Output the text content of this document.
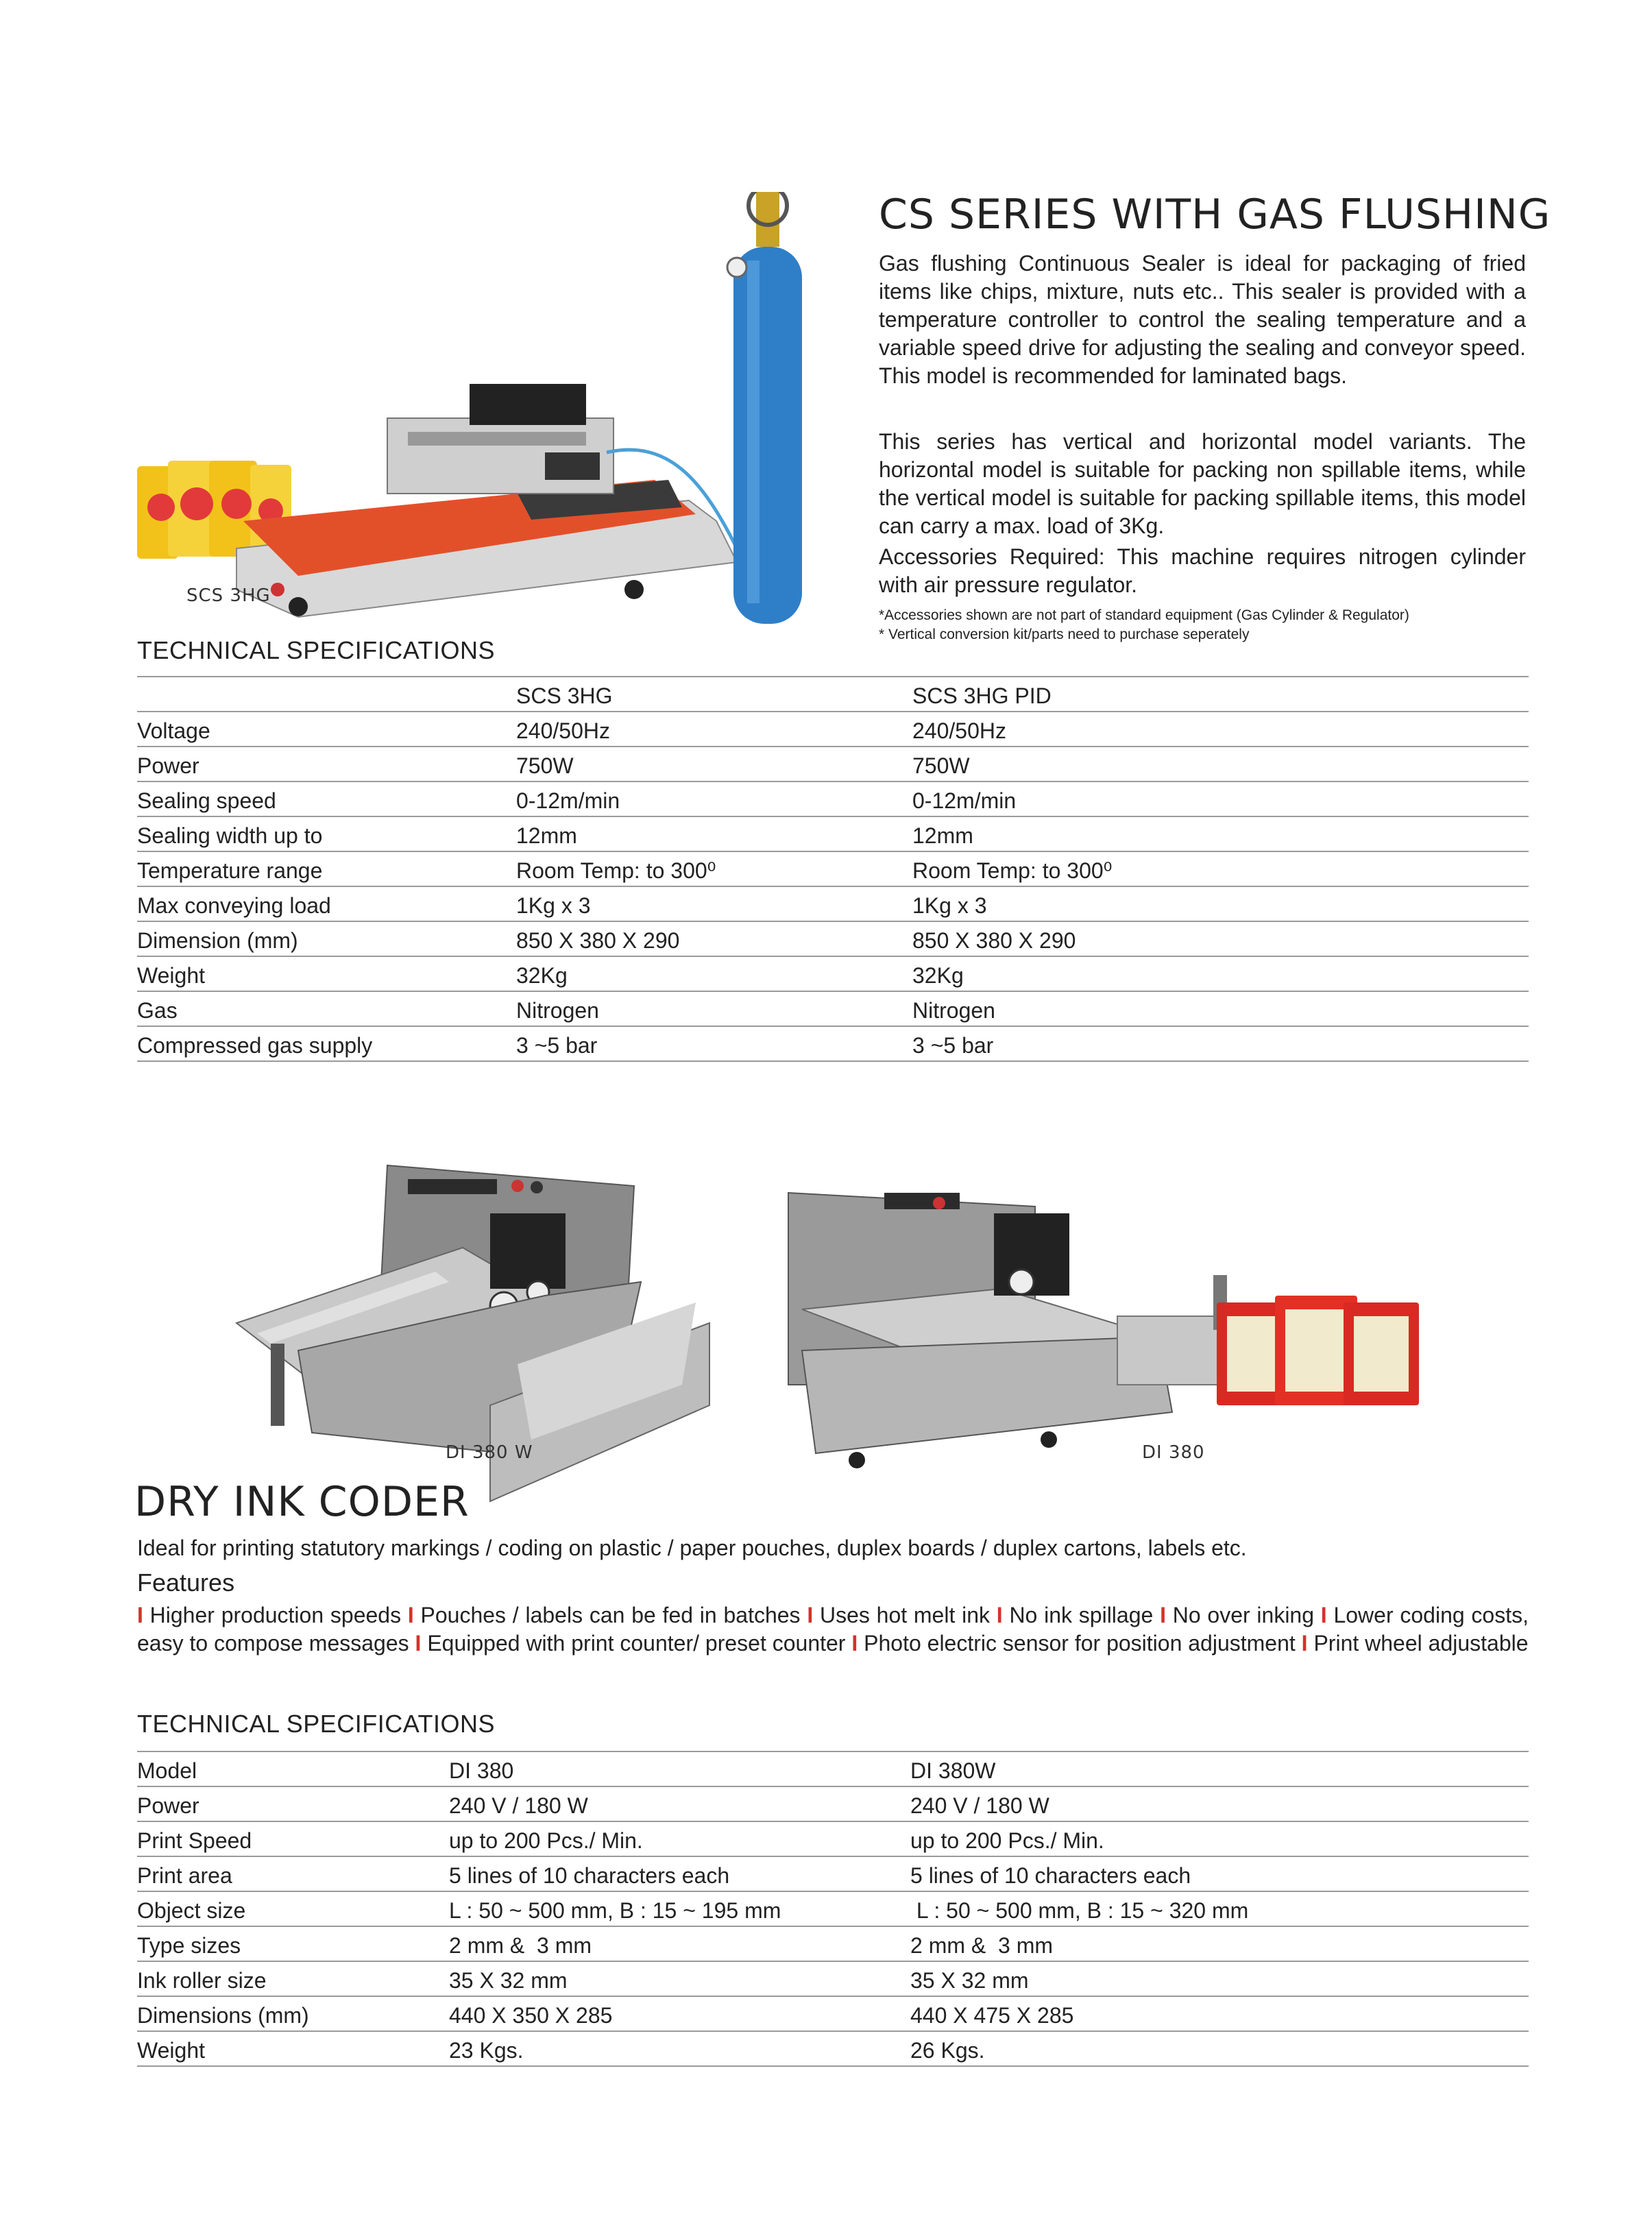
SCS 3HG
CS SERIES WITH GAS FLUSHING
Gas flushing Continuous Sealer is ideal for packaging of fried items like chips, mixture, nuts etc.. This sealer is provided with a temperature controller to control the sealing temperature and a variable speed drive for adjusting the sealing and conveyor speed. This model is recommended for laminated bags.
This series has vertical and horizontal model variants. The horizontal model is suitable for packing non spillable items, while the vertical model is suitable for packing spillable items, this model can carry a max. load of 3Kg.
Accessories Required: This machine requires nitrogen cylinder with air pressure regulator.
*Accessories shown are not part of standard equipment (Gas Cylinder & Regulator)
* Vertical conversion kit/parts need to purchase seperately
TECHNICAL SPECIFICATIONS
	SCS 3HG	SCS 3HG PID
Voltage	240/50Hz	240/50Hz
Power	750W	750W
Sealing speed	0-12m/min	0-12m/min
Sealing width up to	12mm	12mm
Temperature range	Room Temp: to 300⁰	Room Temp: to 300⁰
Max conveying load	1Kg x 3	1Kg x 3
Dimension (mm)	850 X 380 X 290	850 X 380 X 290
Weight	32Kg	32Kg
Gas	Nitrogen	Nitrogen
Compressed gas supply	3 ~5 bar	3 ~5 bar
DI 380 W	DI 380
DRY INK CODER
Ideal for printing statutory markings / coding on plastic / paper pouches, duplex boards / duplex cartons, labels etc.
Features
I Higher production speeds I Pouches / labels can be fed in batches I Uses hot melt ink I No ink spillage I No over inking I Lower coding costs, easy to compose messages I Equipped with print counter/ preset counter I Photo electric sensor for position adjustment I Print wheel adjustable
TECHNICAL SPECIFICATIONS
Model	DI 380	DI 380W
Power	240 V / 180 W	240 V / 180 W
Print Speed	up to 200 Pcs./ Min.	up to 200 Pcs./ Min.
Print area	5 lines of 10 characters each	5 lines of 10 characters each
Object size	L : 50 ~ 500 mm, B : 15 ~ 195 mm	L : 50 ~ 500 mm, B : 15 ~ 320 mm
Type sizes	2 mm &  3 mm	2 mm &  3 mm
Ink roller size	35 X 32 mm	35 X 32 mm
Dimensions (mm)	440 X 350 X 285	440 X 475 X 285
Weight	23 Kgs.	26 Kgs.
